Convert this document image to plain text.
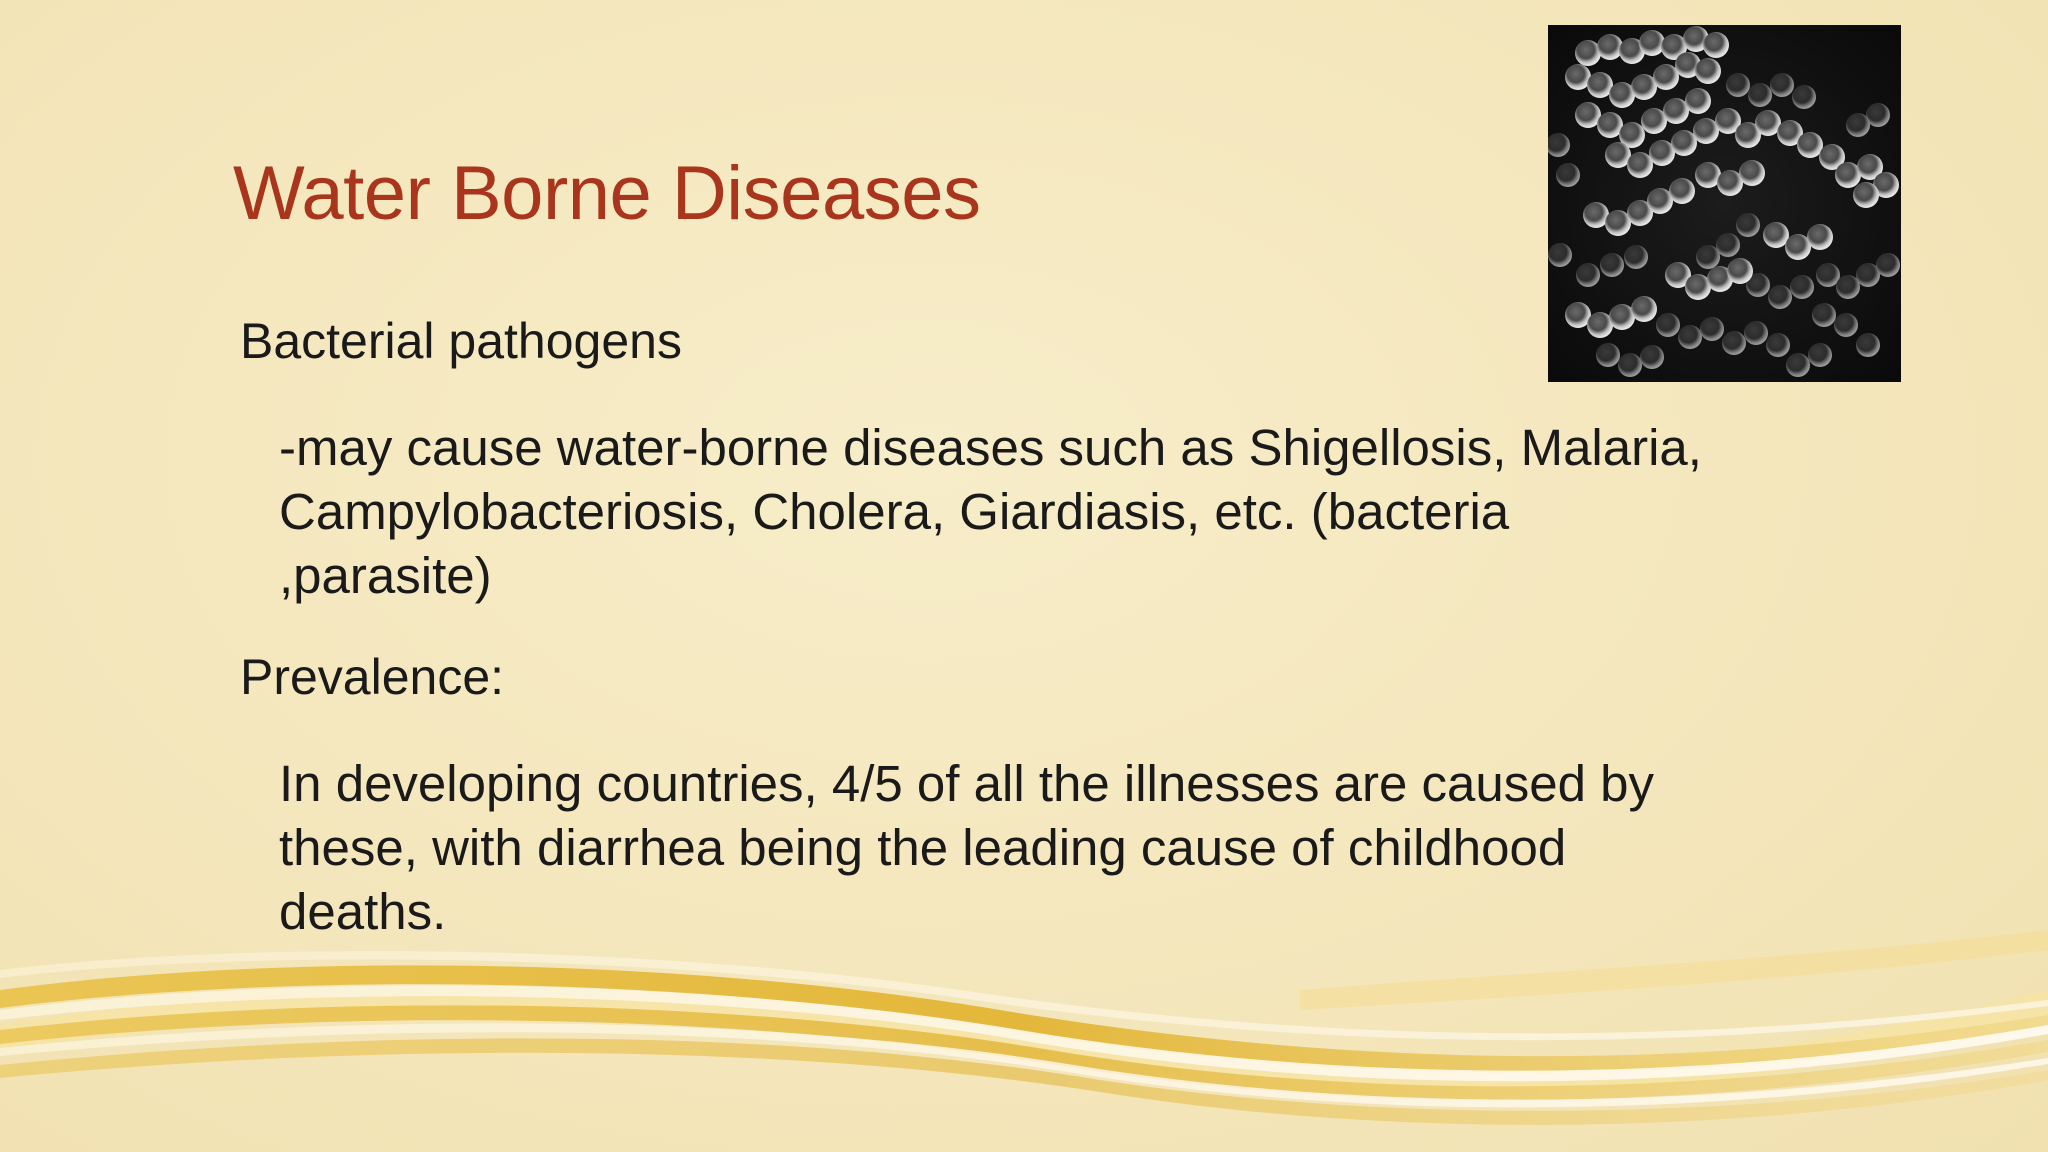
Water Borne Diseases
Bacterial pathogens
-may cause water-borne diseases such as Shigellosis, Malaria,
Campylobacteriosis, Cholera, Giardiasis, etc. (bacteria
,parasite)
Prevalence:
In developing countries, 4/5 of all the illnesses are caused by
these, with diarrhea being the leading cause of childhood
deaths.
